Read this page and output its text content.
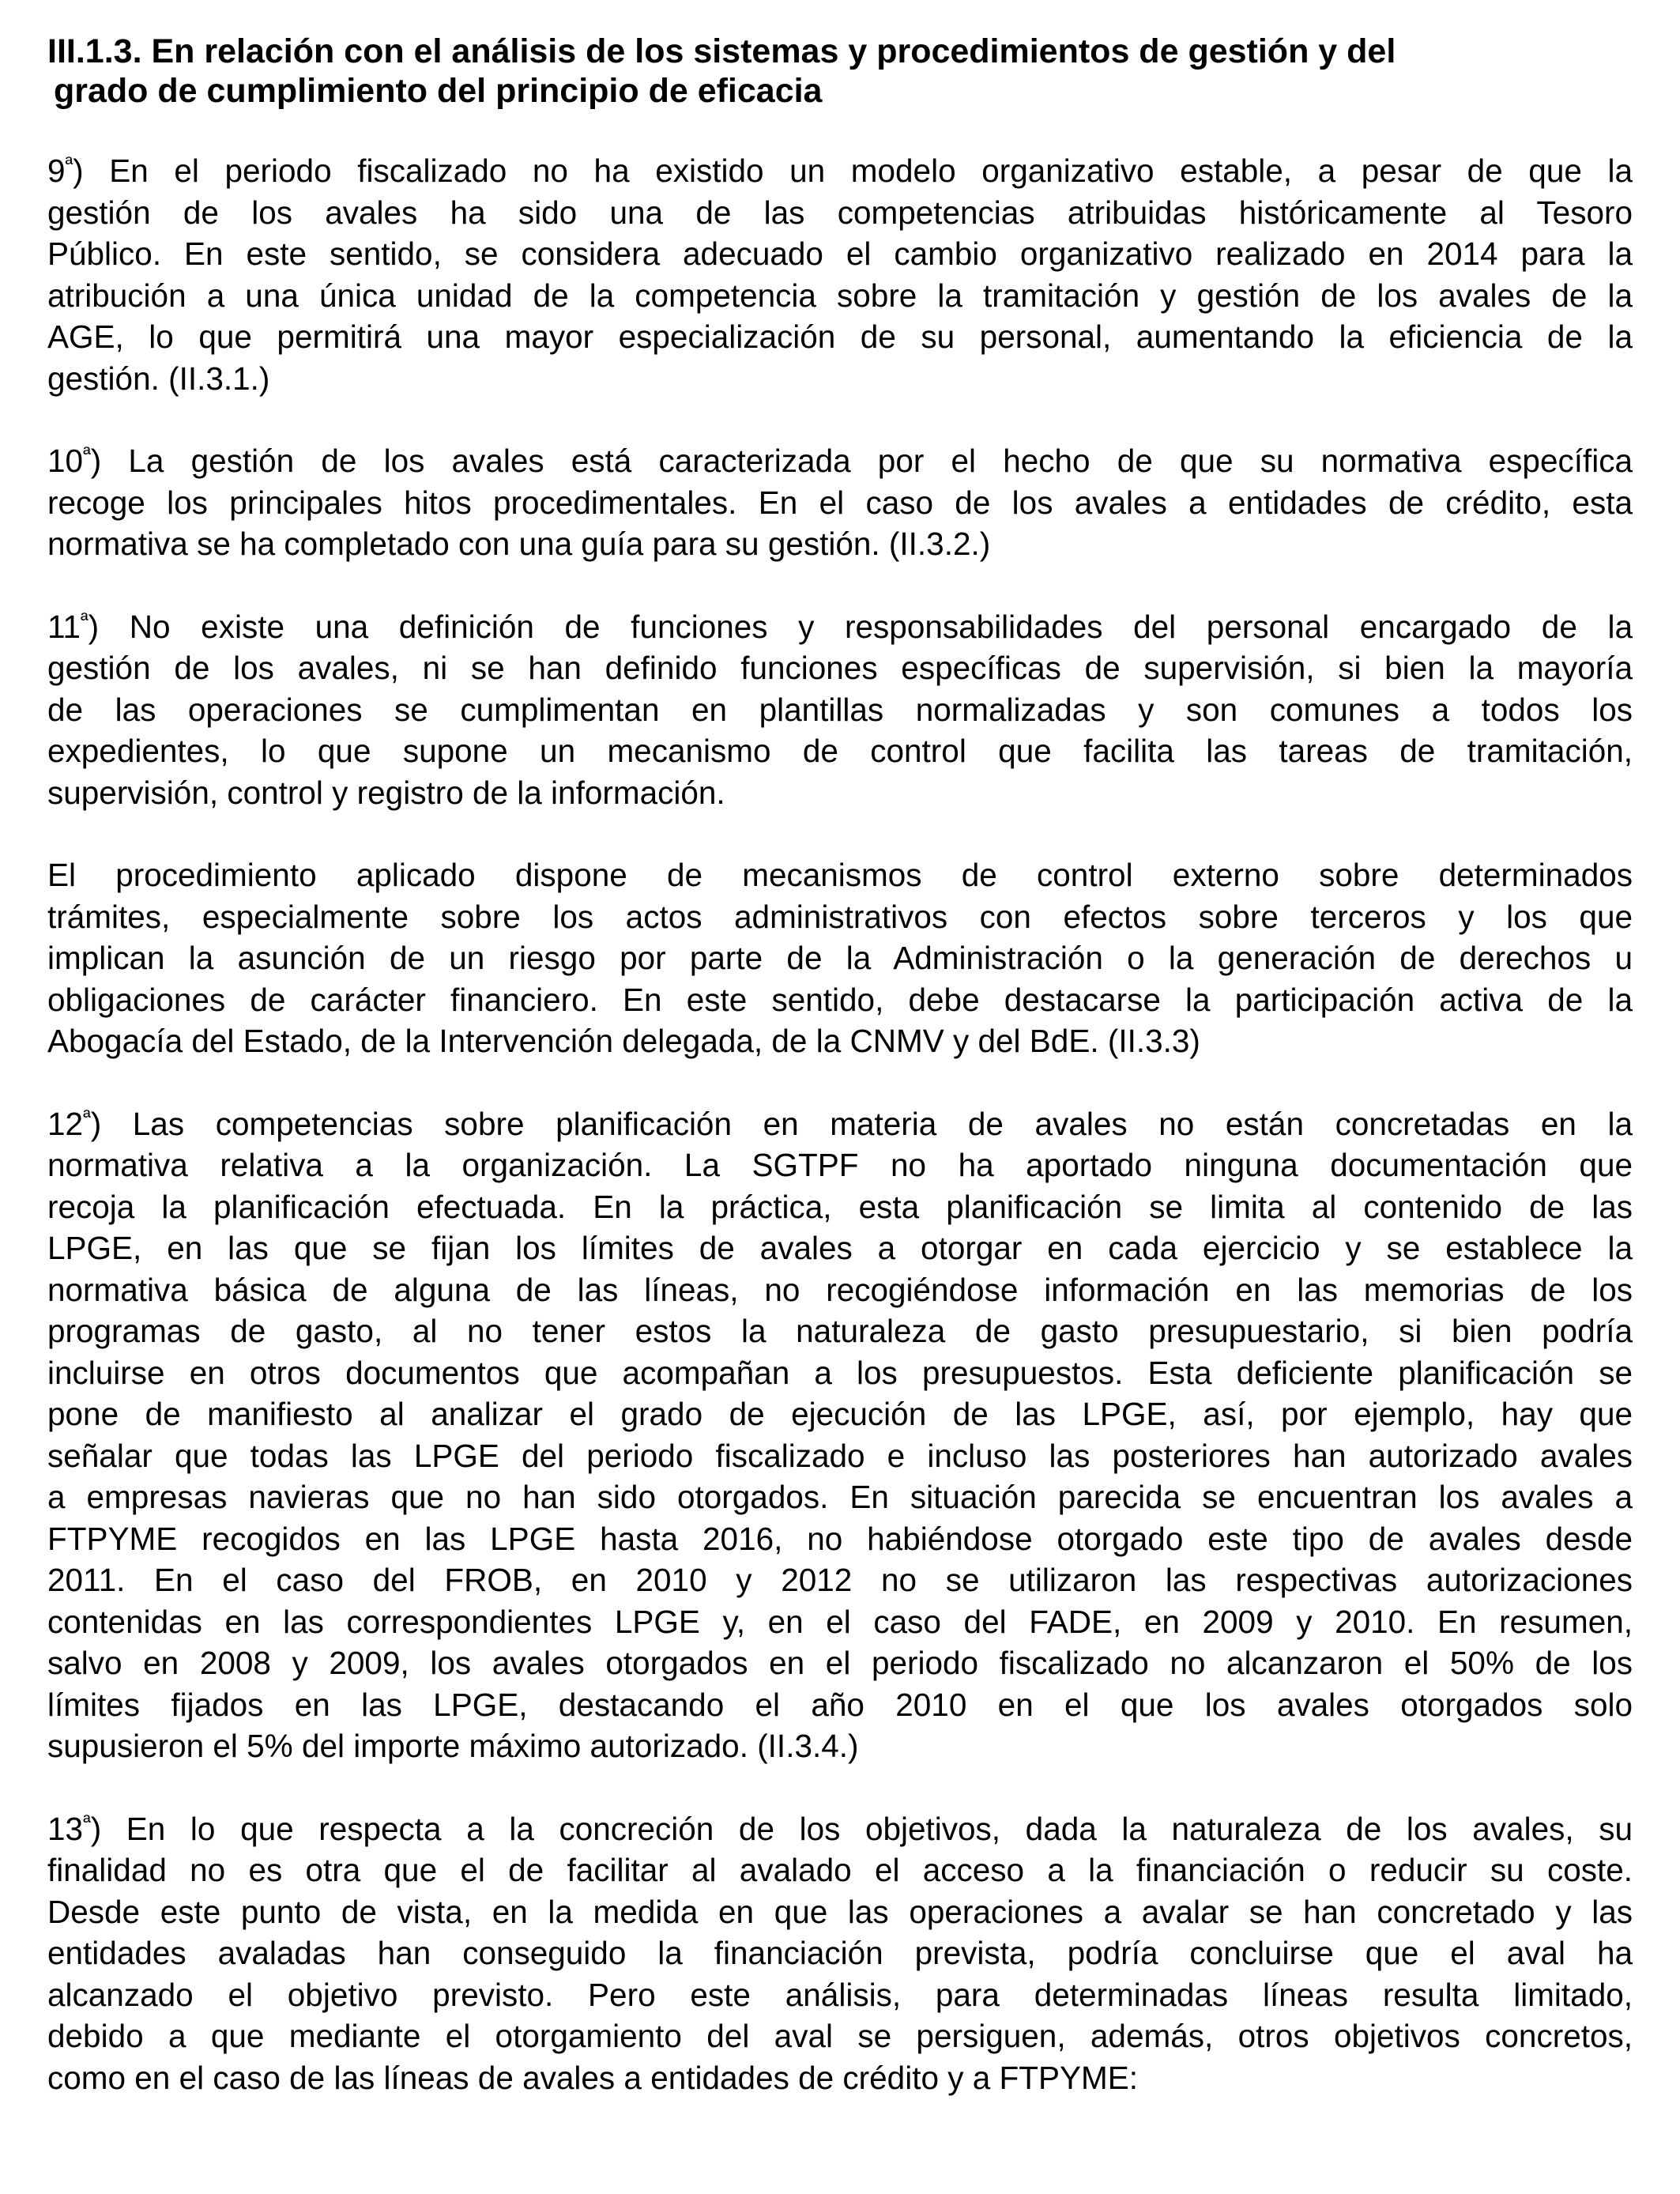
III.1.3. En relación con el análisis de los sistemas y procedimientos de gestión y del
grado de cumplimiento del principio de eficacia
$9^ª$) En el periodo fiscalizado no ha existido un modelo organizativo estable, a pesar de que la
gestión de los avales ha sido una de las competencias atribuidas históricamente al Tesoro
Público. En este sentido, se considera adecuado el cambio organizativo realizado en 2014 para la
atribución a una única unidad de la competencia sobre la tramitación y gestión de los avales de la
AGE, lo que permitirá una mayor especialización de su personal, aumentando la eficiencia de la
gestión. (II.3.1.)
$10^ª$) La gestión de los avales está caracterizada por el hecho de que su normativa específica
recoge los principales hitos procedimentales. En el caso de los avales a entidades de crédito, esta
normativa se ha completado con una guía para su gestión. (II.3.2.)
$11^ª$) No existe una definición de funciones y responsabilidades del personal encargado de la
gestión de los avales, ni se han definido funciones específicas de supervisión, si bien la mayoría
de las operaciones se cumplimentan en plantillas normalizadas y son comunes a todos los
expedientes, lo que supone un mecanismo de control que facilita las tareas de tramitación,
supervisión, control y registro de la información.
El procedimiento aplicado dispone de mecanismos de control externo sobre determinados
trámites, especialmente sobre los actos administrativos con efectos sobre terceros y los que
implican la asunción de un riesgo por parte de la Administración o la generación de derechos u
obligaciones de carácter financiero. En este sentido, debe destacarse la participación activa de la
Abogacía del Estado, de la Intervención delegada, de la CNMV y del BdE. (II.3.3)
$12^ª$) Las competencias sobre planificación en materia de avales no están concretadas en la
normativa relativa a la organización. La SGTPF no ha aportado ninguna documentación que
recoja la planificación efectuada. En la práctica, esta planificación se limita al contenido de las
LPGE, en las que se fijan los límites de avales a otorgar en cada ejercicio y se establece la
normativa básica de alguna de las líneas, no recogiéndose información en las memorias de los
programas de gasto, al no tener estos la naturaleza de gasto presupuestario, si bien podría
incluirse en otros documentos que acompañan a los presupuestos. Esta deficiente planificación se
pone de manifiesto al analizar el grado de ejecución de las LPGE, así, por ejemplo, hay que
señalar que todas las LPGE del periodo fiscalizado e incluso las posteriores han autorizado avales
a empresas navieras que no han sido otorgados. En situación parecida se encuentran los avales a
FTPYME recogidos en las LPGE hasta 2016, no habiéndose otorgado este tipo de avales desde
2011. En el caso del FROB, en 2010 y 2012 no se utilizaron las respectivas autorizaciones
contenidas en las correspondientes LPGE y, en el caso del FADE, en 2009 y 2010. En resumen,
salvo en 2008 y 2009, los avales otorgados en el periodo fiscalizado no alcanzaron el 50% de los
límites fijados en las LPGE, destacando el año 2010 en el que los avales otorgados solo
supusieron el 5% del importe máximo autorizado. (II.3.4.)
$13^ª$) En lo que respecta a la concreción de los objetivos, dada la naturaleza de los avales, su
finalidad no es otra que el de facilitar al avalado el acceso a la financiación o reducir su coste.
Desde este punto de vista, en la medida en que las operaciones a avalar se han concretado y las
entidades avaladas han conseguido la financiación prevista, podría concluirse que el aval ha
alcanzado el objetivo previsto. Pero este análisis, para determinadas líneas resulta limitado,
debido a que mediante el otorgamiento del aval se persiguen, además, otros objetivos concretos,
como en el caso de las líneas de avales a entidades de crédito y a FTPYME:
